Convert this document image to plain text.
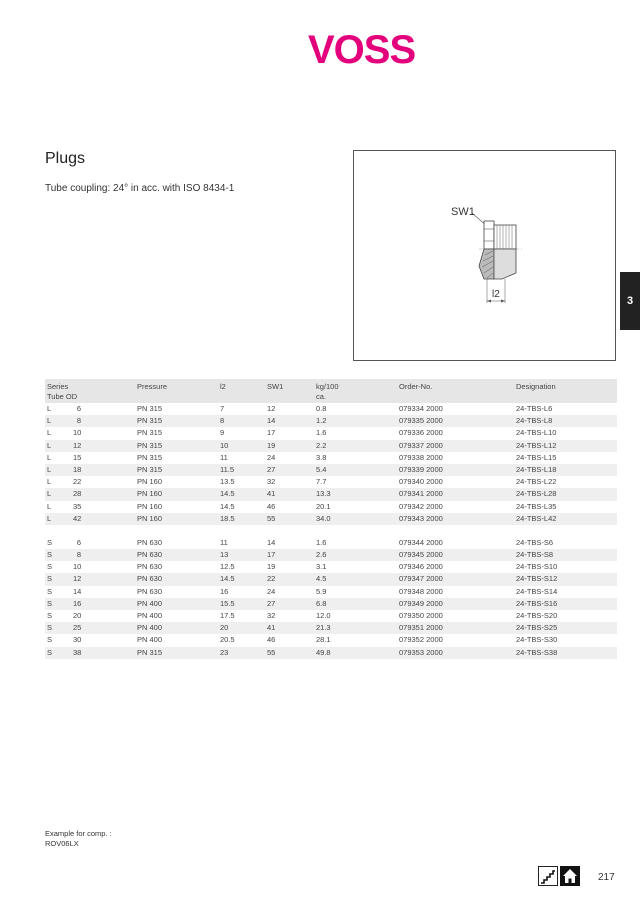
VOSS
Plugs
Tube coupling: 24° in acc. with ISO 8434-1
SW1
l2
3
Series
Tube OD
Pressure	l2	SW1	kg/100
ca.
Order-No.	Designation
L	6	PN 315	7	12	0.8	079334 2000	24-TBS-L6
L	8	PN 315	8	14	1.2	079335 2000	24-TBS-L8
L	10	PN 315	9	17	1.6	079336 2000	24-TBS-L10
L	12	PN 315	10	19	2.2	079337 2000	24-TBS-L12
L	15	PN 315	11	24	3.8	079338 2000	24-TBS-L15
L	18	PN 315	11.5	27	5.4	079339 2000	24-TBS-L18
L	22	PN 160	13.5	32	7.7	079340 2000	24-TBS-L22
L	28	PN 160	14.5	41	13.3	079341 2000	24-TBS-L28
L	35	PN 160	14.5	46	20.1	079342 2000	24-TBS-L35
L	42	PN 160	18.5	55	34.0	079343 2000	24-TBS-L42
S	6	PN 630	11	14	1.6	079344 2000	24-TBS-S6
S	8	PN 630	13	17	2.6	079345 2000	24-TBS-S8
S	10	PN 630	12.5	19	3.1	079346 2000	24-TBS-S10
S	12	PN 630	14.5	22	4.5	079347 2000	24-TBS-S12
S	14	PN 630	16	24	5.9	079348 2000	24-TBS-S14
S	16	PN 400	15.5	27	6.8	079349 2000	24-TBS-S16
S	20	PN 400	17.5	32	12.0	079350 2000	24-TBS-S20
S	25	PN 400	20	41	21.3	079351 2000	24-TBS-S25
S	30	PN 400	20.5	46	28.1	079352 2000	24-TBS-S30
S	38	PN 315	23	55	49.8	079353 2000	24-TBS-S38
Example for comp. :
ROV06LX
217
